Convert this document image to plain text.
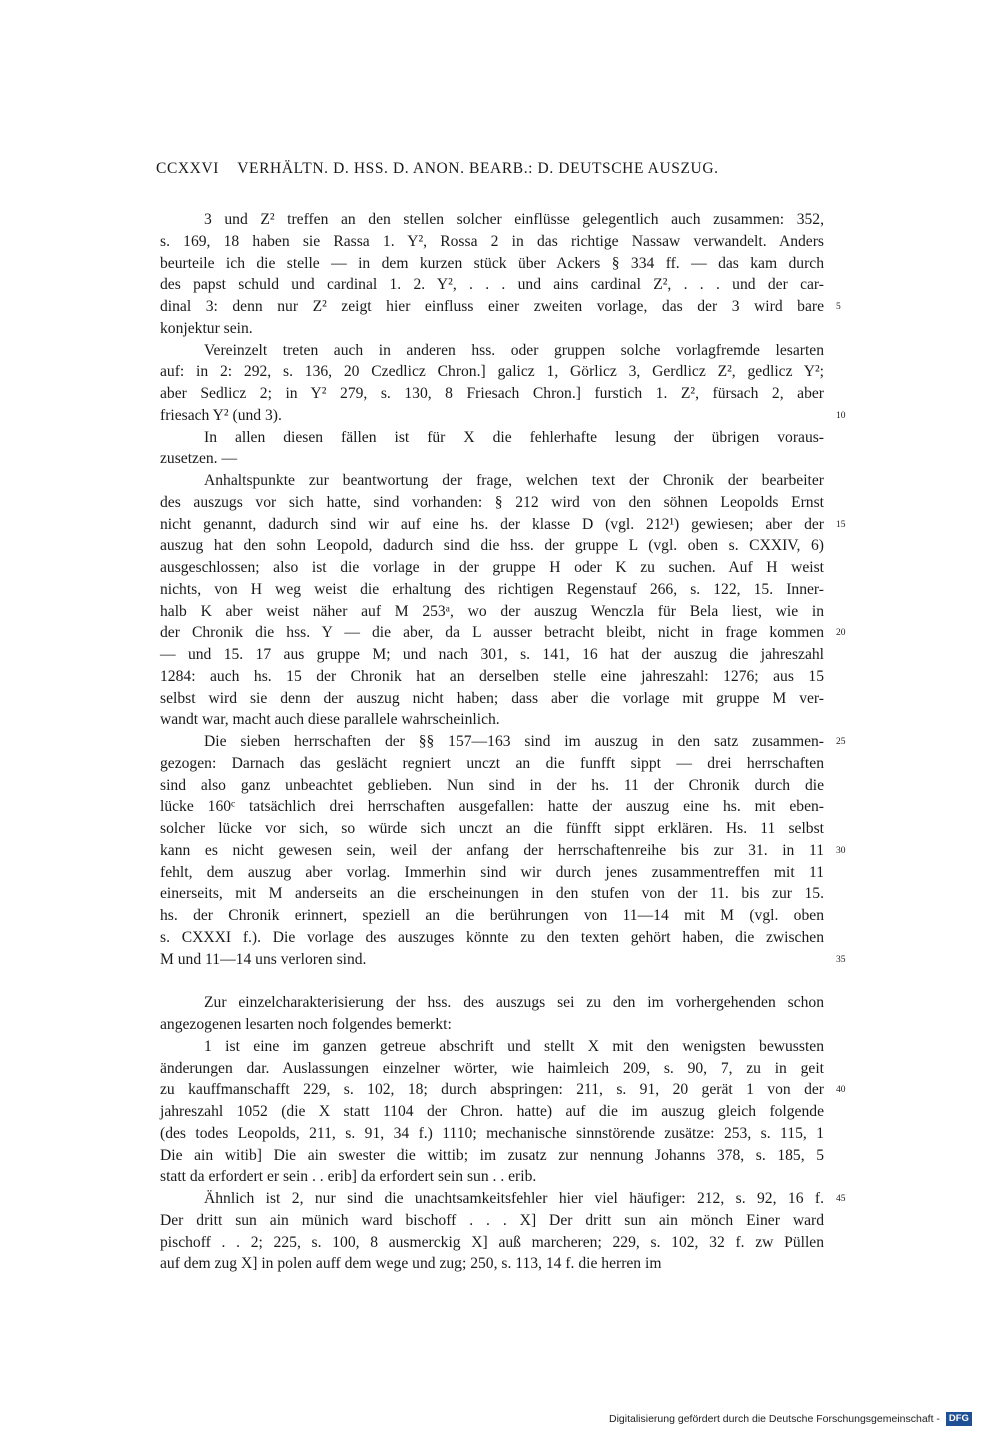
CCXXVI VERHÄLTN. D. HSS. D. ANON. BEARB.: D. DEUTSCHE AUSZUG.
3 und Z² treffen an den stellen solcher einflüsse gelegentlich auch zusammen: 352,
s. 169, 18 haben sie Rassa 1. Y², Rossa 2 in das richtige Nassaw verwandelt. Anders
beurteile ich die stelle — in dem kurzen stück über Ackers § 334 ff. — das kam durch
des papst schuld und cardinal 1. 2. Y², . . . und ains cardinal Z², . . . und der car-
dinal 3: denn nur Z² zeigt hier einfluss einer zweiten vorlage, das der 3 wird bare 5
konjektur sein.
Vereinzelt treten auch in anderen hss. oder gruppen solche vorlagfremde lesarten
auf: in 2: 292, s. 136, 20 Czedlicz Chron.] galicz 1, Görlicz 3, Gerdlicz Z², gedlicz Y²;
aber Sedlicz 2; in Y² 279, s. 130, 8 Friesach Chron.] furstich 1. Z², fürsach 2, aber
friesach Y² (und 3).	10
In allen diesen fällen ist für X die fehlerhafte lesung der übrigen voraus-
zusetzen. —
Anhaltspunkte zur beantwortung der frage, welchen text der Chronik der bearbeiter
des auszugs vor sich hatte, sind vorhanden: § 212 wird von den söhnen Leopolds Ernst
nicht genannt, dadurch sind wir auf eine hs. der klasse D (vgl. 212¹) gewiesen; aber der 15
auszug hat den sohn Leopold, dadurch sind die hss. der gruppe L (vgl. oben s. CXXIV, 6)
ausgeschlossen; also ist die vorlage in der gruppe H oder K zu suchen. Auf H weist
nichts, von H weg weist die erhaltung des richtigen Regenstauf 266, s. 122, 15. Inner-
halb K aber weist näher auf M 253ᵃ, wo der auszug Wenczla für Bela liest, wie in
der Chronik die hss. Y — die aber, da L ausser betracht bleibt, nicht in frage kommen 20
— und 15. 17 aus gruppe M; und nach 301, s. 141, 16 hat der auszug die jahreszahl
1284: auch hs. 15 der Chronik hat an derselben stelle eine jahreszahl: 1276; aus 15
selbst wird sie denn der auszug nicht haben; dass aber die vorlage mit gruppe M ver-
wandt war, macht auch diese parallele wahrscheinlich.
Die sieben herrschaften der §§ 157—163 sind im auszug in den satz zusammen- 25
gezogen: Darnach das geslächt regniert unczt an die funfft sippt — drei herrschaften
sind also ganz unbeachtet geblieben. Nun sind in der hs. 11 der Chronik durch die
lücke 160ᶜ tatsächlich drei herrschaften ausgefallen: hatte der auszug eine hs. mit eben-
solcher lücke vor sich, so würde sich unczt an die fünfft sippt erklären. Hs. 11 selbst
kann es nicht gewesen sein, weil der anfang der herrschaftenreihe bis zur 31. in 11 30
fehlt, dem auszug aber vorlag. Immerhin sind wir durch jenes zusammentreffen mit 11
einerseits, mit M anderseits an die erscheinungen in den stufen von der 11. bis zur 15.
hs. der Chronik erinnert, speziell an die berührungen von 11—14 mit M (vgl. oben
s. CXXXI f.). Die vorlage des auszuges könnte zu den texten gehört haben, die zwischen
M und 11—14 uns verloren sind.	35
Zur einzelcharakterisierung der hss. des auszugs sei zu den im vorhergehenden schon
angezogenen lesarten noch folgendes bemerkt:
1 ist eine im ganzen getreue abschrift und stellt X mit den wenigsten bewussten
änderungen dar. Auslassungen einzelner wörter, wie haimleich 209, s. 90, 7, zu in geit
zu kauffmanschafft 229, s. 102, 18; durch abspringen: 211, s. 91, 20 gerät 1 von der 40
jahreszahl 1052 (die X statt 1104 der Chron. hatte) auf die im auszug gleich folgende
(des todes Leopolds, 211, s. 91, 34 f.) 1110; mechanische sinnstörende zusätze: 253, s. 115, 1
Die ain witib] Die ain swester die wittib; im zusatz zur nennung Johanns 378, s. 185, 5
statt da erfordert er sein . . erib] da erfordert sein sun . . erib.
Ähnlich ist 2, nur sind die unachtsamkeitsfehler hier viel häufiger: 212, s. 92, 16 f. 45
Der dritt sun ain münich ward bischoff . . . X] Der dritt sun ain mönch Einer ward
pischoff . . 2; 225, s. 100, 8 ausmerckig X] auß marcheren; 229, s. 102, 32 f. zw Püllen
auf dem zug X] in polen auff dem wege und zug; 250, s. 113, 14 f. die herren im
Digitalisierung gefördert durch die Deutsche Forschungsgemeinschaft - DFG
